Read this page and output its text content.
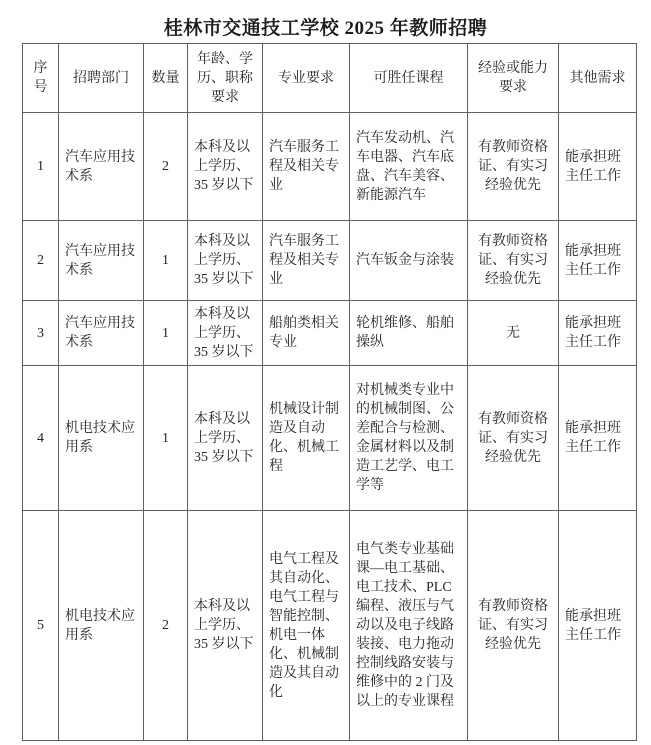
桂林市交通技工学校 2025 年教师招聘
序号	招聘部门	数量	年龄、学历、职称要求	专业要求	可胜任课程	经验或能力要求	其他需求
1	汽车应用技术系	2	本科及以上学历、35 岁以下	汽车服务工程及相关专业	汽车发动机、汽车电器、汽车底盘、汽车美容、新能源汽车	有教师资格证、有实习经验优先	能承担班主任工作
2	汽车应用技术系	1	本科及以上学历、35 岁以下	汽车服务工程及相关专业	汽车钣金与涂装	有教师资格证、有实习经验优先	能承担班主任工作
3	汽车应用技术系	1	本科及以上学历、35 岁以下	船舶类相关专业	轮机维修、船舶操纵	无	能承担班主任工作
4	机电技术应用系	1	本科及以上学历、35 岁以下	机械设计制造及自动化、机械工程	对机械类专业中的机械制图、公差配合与检测、金属材料以及制造工艺学、电工学等	有教师资格证、有实习经验优先	能承担班主任工作
5	机电技术应用系	2	本科及以上学历、35 岁以下	电气工程及其自动化、电气工程与智能控制、机电一体化、机械制造及其自动化	电气类专业基础课—电工基础、电工技术、PLC 编程、液压与气动以及电子线路装接、电力拖动控制线路安装与维修中的 2 门及以上的专业课程	有教师资格证、有实习经验优先	能承担班主任工作
